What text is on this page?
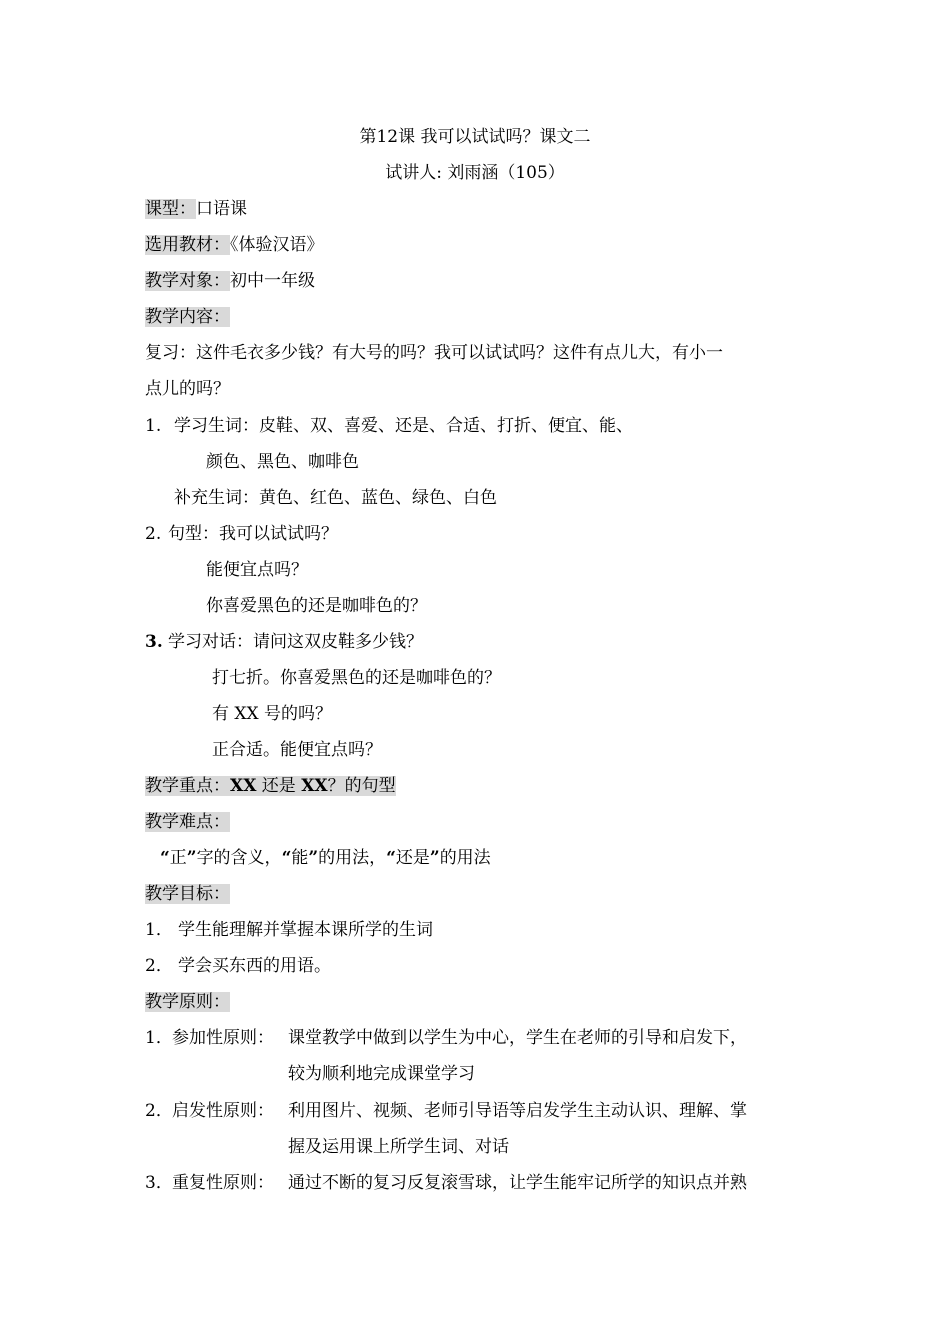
第12课 我可以试试吗？课文二
试讲人: 刘雨涵（105）
课型：口语课
选用教材：《体验汉语》
教学对象：初中一年级
教学内容：
复习：这件毛衣多少钱？有大号的吗？我可以试试吗？这件有点儿大，有小一
点儿的吗？
1. 学习生词：皮鞋、双、喜爱、还是、合适、打折、便宜、能、
颜色、黑色、咖啡色
补充生词：黄色、红色、蓝色、绿色、白色
2. 句型：我可以试试吗？
能便宜点吗？
你喜爱黑色的还是咖啡色的？
3. 学习对话：请问这双皮鞋多少钱？
打七折。你喜爱黑色的还是咖啡色的？
有 XX 号的吗？
正合适。能便宜点吗？
教学重点：XX 还是 XX？的句型
教学难点：
“正”字的含义，“能”的用法，“还是”的用法
教学目标：
1． 学生能理解并掌握本课所学的生词
2． 学会买东西的用语。
教学原则：
1． 参加性原则： 课堂教学中做到以学生为中心，学生在老师的引导和启发下，
较为顺利地完成课堂学习
2． 启发性原则： 利用图片、视频、老师引导语等启发学生主动认识、理解、掌
握及运用课上所学生词、对话
3． 重复性原则： 通过不断的复习反复滚雪球，让学生能牢记所学的知识点并熟
